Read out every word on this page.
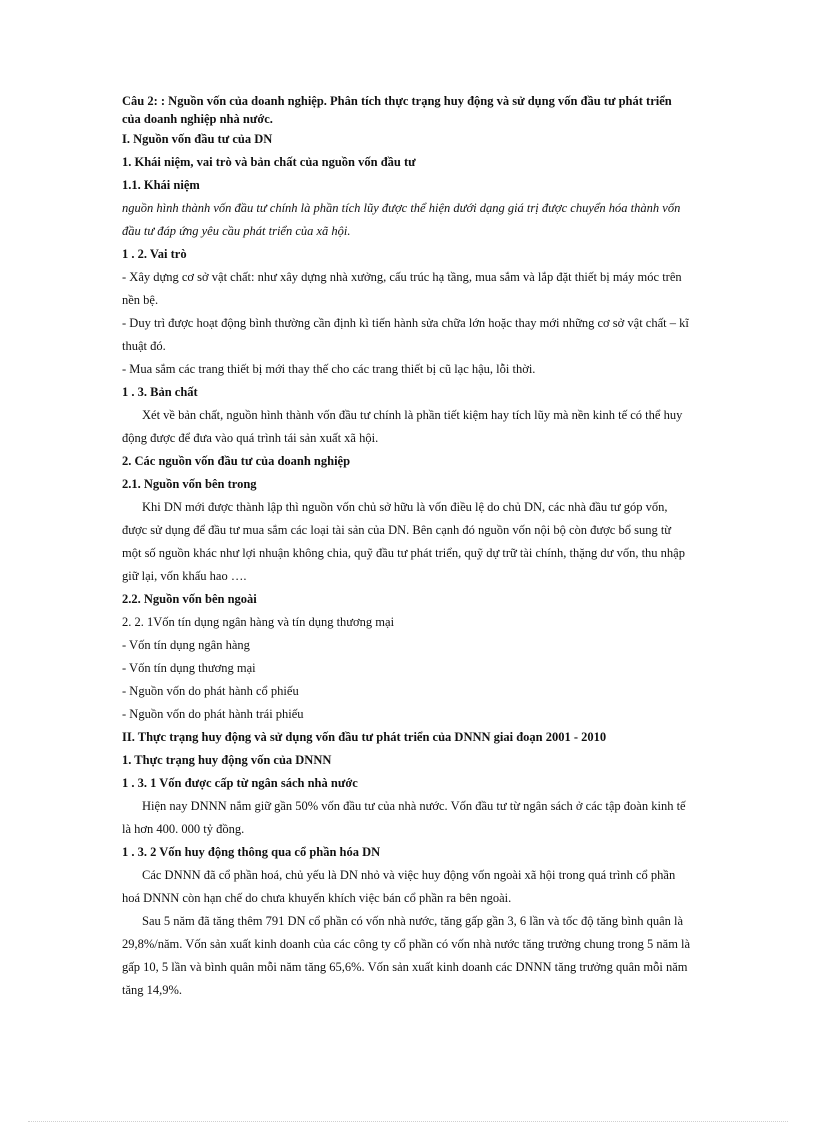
Câu 2: : Nguồn vốn của doanh nghiệp. Phân tích thực trạng huy động và sử dụng vốn đầu tư phát triển của doanh nghiệp nhà nước.

I. Nguồn vốn đầu tư của DN

1. Khái niệm, vai trò và bản chất của nguồn vốn đầu tư

1.1. Khái niệm

nguồn hình thành vốn đầu tư chính là phần tích lũy được thể hiện dưới dạng giá trị được chuyển hóa thành vốn đầu tư đáp ứng yêu cầu phát triển của xã hội.

1 . 2. Vai trò

- Xây dựng cơ sở vật chất: như xây dựng nhà xưởng, cấu trúc hạ tầng, mua sắm và lắp đặt thiết bị máy móc trên nền bệ.

- Duy trì được hoạt động bình thường cần định kì tiến hành sửa chữa lớn hoặc thay mới những cơ sở vật chất – kĩ thuật đó.

- Mua sắm các trang thiết bị mới thay thế cho các trang thiết bị cũ lạc hậu, lỗi thời.

1 . 3. Bản chất

Xét về bản chất, nguồn hình thành vốn đầu tư chính là phần tiết kiệm hay tích lũy mà nền kinh tế có thể huy động được để đưa vào quá trình tái sản xuất xã hội.

2. Các nguồn vốn đầu tư của doanh nghiệp

2.1. Nguồn vốn bên trong

Khi DN mới được thành lập thì nguồn vốn chủ sở hữu là vốn điều lệ do chủ DN, các nhà đầu tư góp vốn, được sử dụng để đầu tư mua sắm các loại tài sản của DN. Bên cạnh đó nguồn vốn nội bộ còn được bổ sung từ một số nguồn khác như lợi nhuận không chia, quỹ đầu tư phát triển, quỹ dự trữ tài chính, thặng dư vốn, thu nhập giữ lại, vốn khấu hao ….

2.2. Nguồn vốn bên ngoài

2. 2. 1Vốn tín dụng ngân hàng và tín dụng thương mại

- Vốn tín dụng ngân hàng

- Vốn tín dụng thương mại

- Nguồn vốn do phát hành cổ phiếu

- Nguồn vốn do phát hành trái phiếu

II. Thực trạng huy động và sử dụng vốn đầu tư phát triển của DNNN giai đoạn 2001 - 2010

1. Thực trạng huy động vốn của DNNN

1 . 3. 1 Vốn được cấp từ ngân sách nhà nước

Hiện nay DNNN nắm giữ gần 50% vốn đầu tư của nhà nước. Vốn đầu tư từ ngân sách ở các tập đoàn kinh tế là hơn 400. 000 tỷ đồng.

1 . 3. 2 Vốn huy động thông qua cổ phần hóa DN

Các DNNN đã cổ phần hoá, chủ yếu là DN nhỏ và việc huy động vốn ngoài xã hội trong quá trình cổ phần hoá DNNN còn hạn chế do chưa khuyến khích việc bán cổ phần ra bên ngoài.

Sau 5 năm đã tăng thêm 791 DN cổ phần có vốn nhà nước, tăng gấp gần 3, 6 lần và tốc độ tăng bình quân là 29,8%/năm. Vốn sản xuất kinh doanh của các công ty cổ phần có vốn nhà nước tăng trưởng chung trong 5 năm là gấp 10, 5 lần và bình quân mỗi năm tăng 65,6%. Vốn sản xuất kinh doanh các DNNN tăng trưởng quân mỗi năm tăng 14,9%.
